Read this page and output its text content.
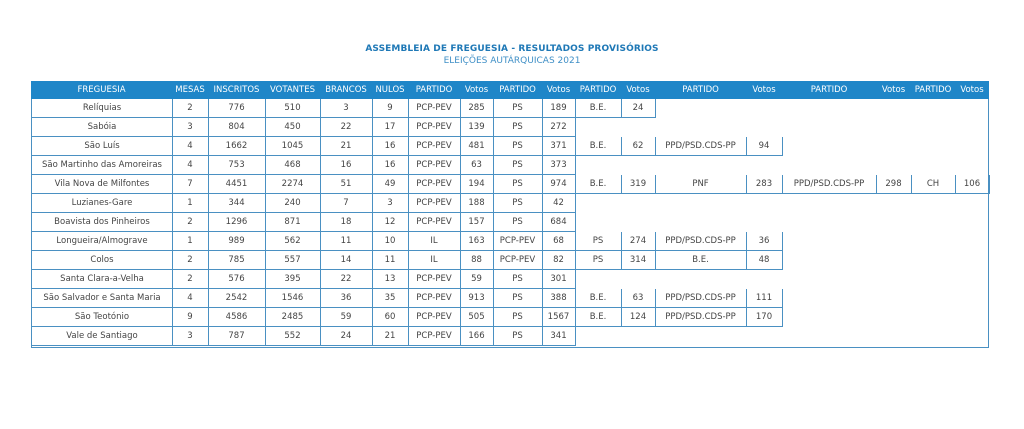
ASSEMBLEIA DE FREGUESIA - RESULTADOS PROVISÓRIOS
ELEIÇÕES AUTÁRQUICAS 2021
FREGUESIA	MESAS	INSCRITOS	VOTANTES	BRANCOS	NULOS	PARTIDO	Votos	PARTIDO	Votos	PARTIDO	Votos	PARTIDO	Votos	PARTIDO	Votos	PARTIDO	Votos
Relíquias	2	776	510	3	9	PCP-PEV	285	PS	189	B.E.	24
Sabóia	3	804	450	22	17	PCP-PEV	139	PS	272
São Luís	4	1662	1045	21	16	PCP-PEV	481	PS	371	B.E.	62	PPD/PSD.CDS-PP	94
São Martinho das Amoreiras	4	753	468	16	16	PCP-PEV	63	PS	373
Vila Nova de Milfontes	7	4451	2274	51	49	PCP-PEV	194	PS	974	B.E.	319	PNF	283	PPD/PSD.CDS-PP	298	CH	106
Luzianes-Gare	1	344	240	7	3	PCP-PEV	188	PS	42
Boavista dos Pinheiros	2	1296	871	18	12	PCP-PEV	157	PS	684
Longueira/Almograve	1	989	562	11	10	IL	163	PCP-PEV	68	PS	274	PPD/PSD.CDS-PP	36
Colos	2	785	557	14	11	IL	88	PCP-PEV	82	PS	314	B.E.	48
Santa Clara-a-Velha	2	576	395	22	13	PCP-PEV	59	PS	301
São Salvador e Santa Maria	4	2542	1546	36	35	PCP-PEV	913	PS	388	B.E.	63	PPD/PSD.CDS-PP	111
São Teotónio	9	4586	2485	59	60	PCP-PEV	505	PS	1567	B.E.	124	PPD/PSD.CDS-PP	170
Vale de Santiago	3	787	552	24	21	PCP-PEV	166	PS	341
